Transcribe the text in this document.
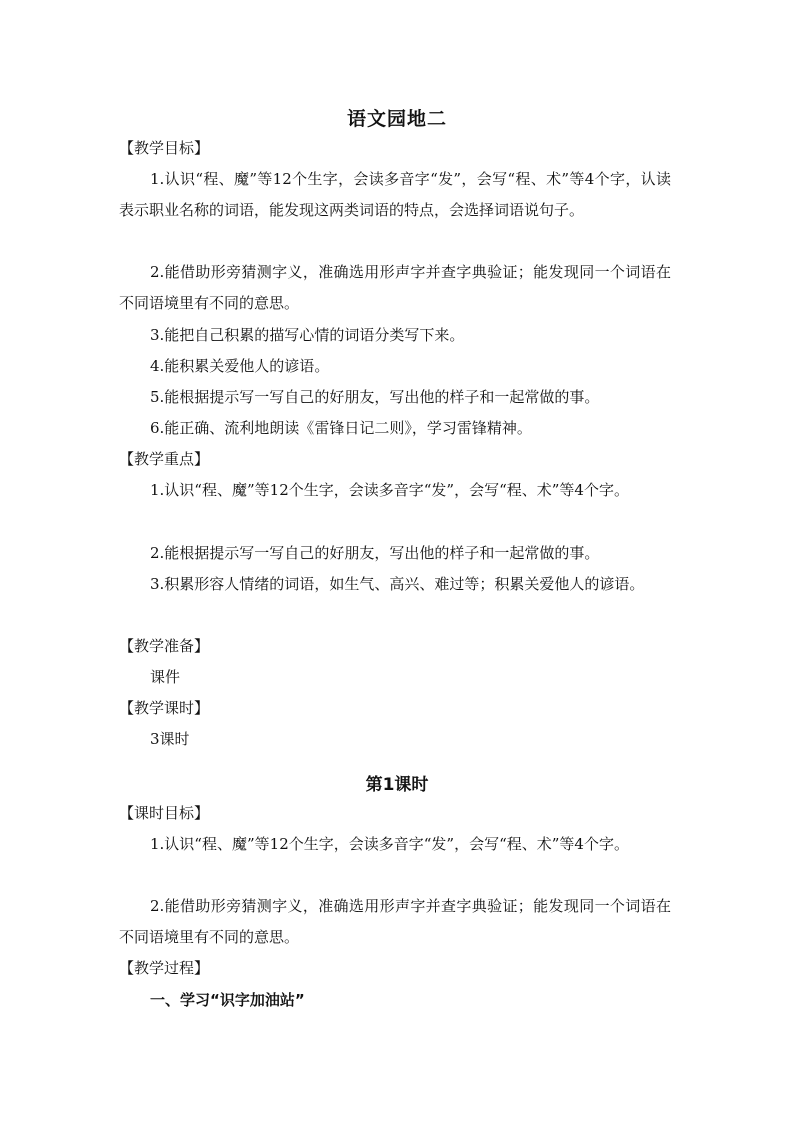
语文园地二
【教学目标】
1.认识“程、魔”等12个生字，会读多音字“发”，会写“程、术”等4个字，认读表示职业名称的词语，能发现这两类词语的特点，会选择词语说句子。
2.能借助形旁猜测字义，准确选用形声字并查字典验证；能发现同一个词语在不同语境里有不同的意思。
3.能把自己积累的描写心情的词语分类写下来。
4.能积累关爱他人的谚语。
5.能根据提示写一写自己的好朋友，写出他的样子和一起常做的事。
6.能正确、流利地朗读《雷锋日记二则》，学习雷锋精神。
【教学重点】
1.认识“程、魔”等12个生字，会读多音字“发”，会写“程、术”等4个字。
2.能根据提示写一写自己的好朋友，写出他的样子和一起常做的事。
3.积累形容人情绪的词语，如生气、高兴、难过等；积累关爱他人的谚语。
【教学准备】
课件
【教学课时】
3课时
第1课时
【课时目标】
1.认识“程、魔”等12个生字，会读多音字“发”，会写“程、术”等4个字。
2.能借助形旁猜测字义，准确选用形声字并查字典验证；能发现同一个词语在不同语境里有不同的意思。
【教学过程】
一、学习“识字加油站”
